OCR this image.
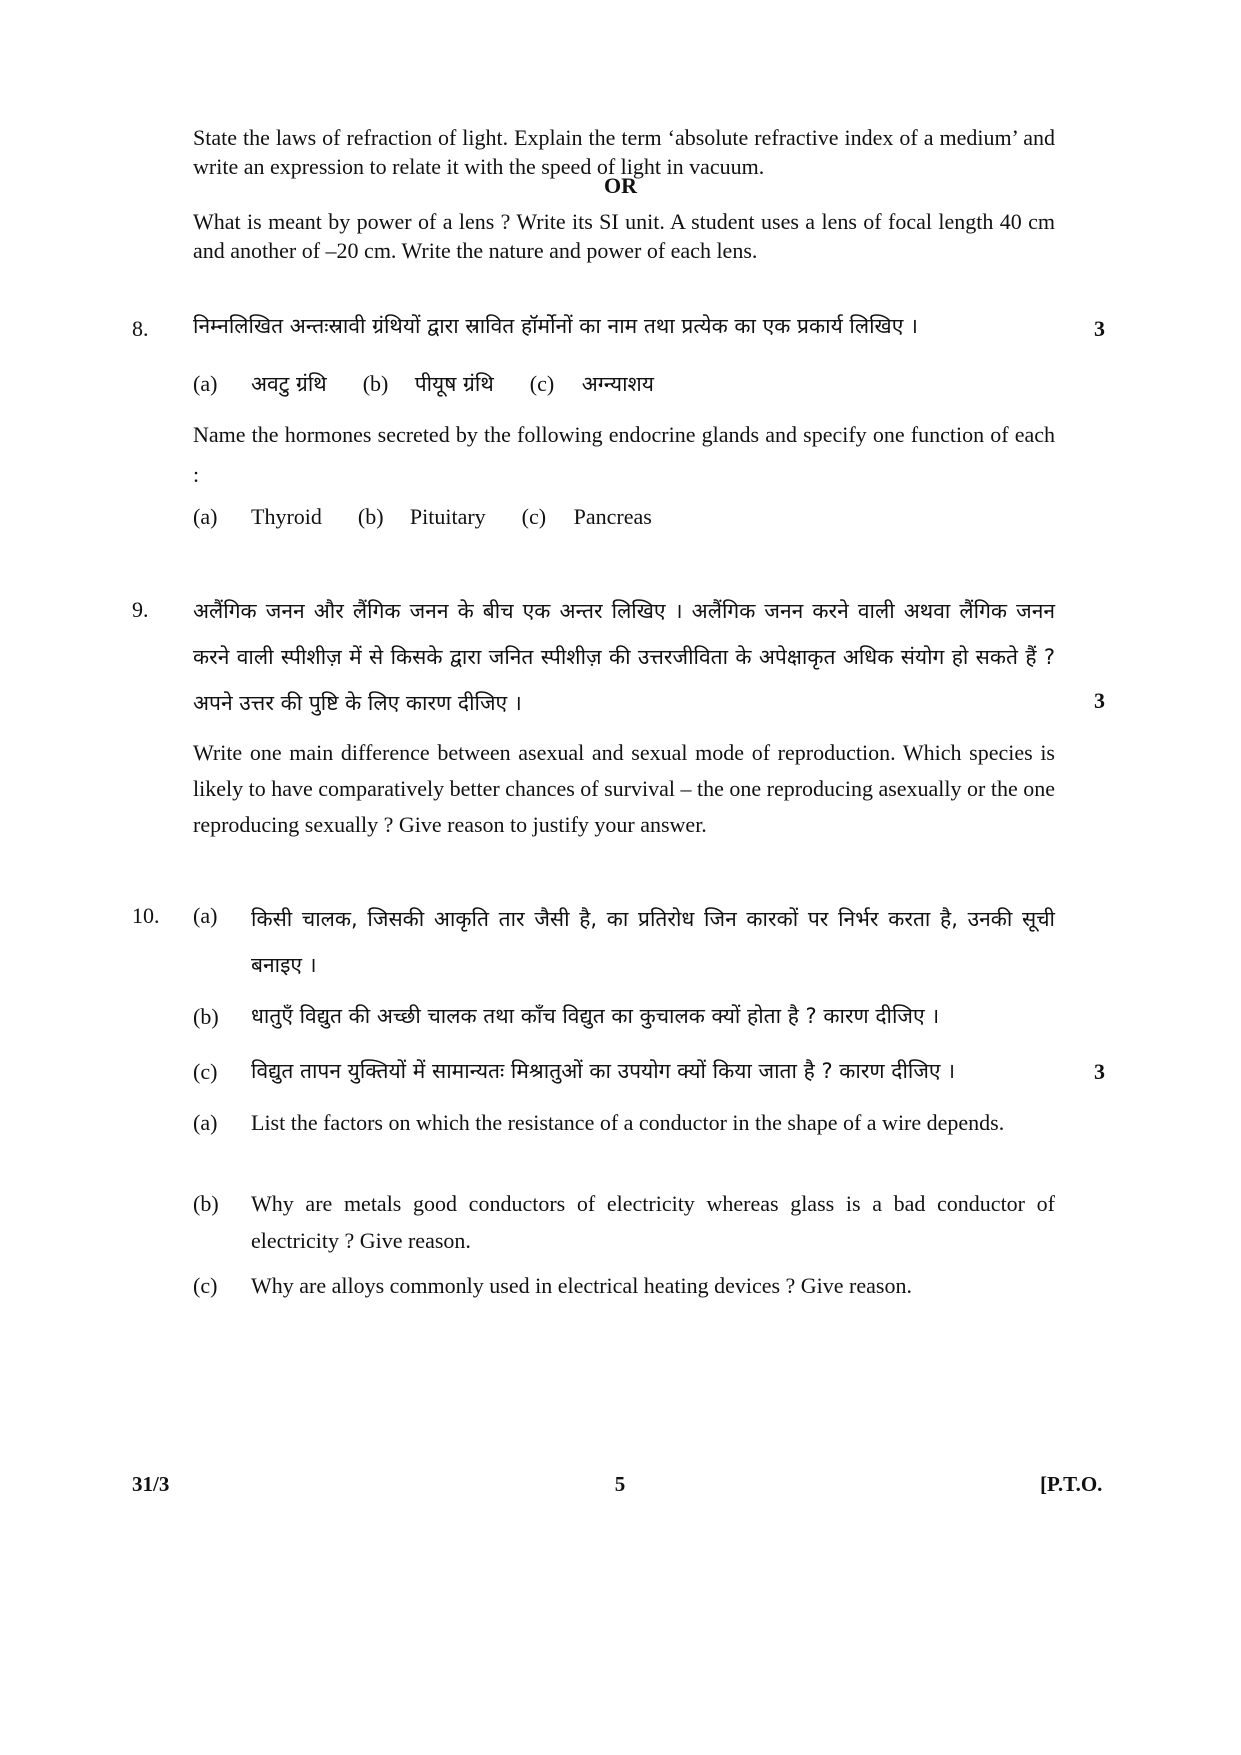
State the laws of refraction of light. Explain the term ‘absolute refractive index of a medium’ and write an expression to relate it with the speed of light in vacuum.
OR
What is meant by power of a lens ? Write its SI unit. A student uses a lens of focal length 40 cm and another of –20 cm. Write the nature and power of each lens.
8. निम्नलिखित अन्तःस्रावी ग्रंथियों द्वारा स्रावित हॉर्मोनों का नाम तथा प्रत्येक का एक प्रकार्य लिखिए ।	3
(a) अवटु ग्रंथि (b) पीयूष ग्रंथि (c) अग्न्याशय
Name the hormones secreted by the following endocrine glands and specify one function of each :
(a) Thyroid (b) Pituitary (c) Pancreas
9. अलैंगिक जनन और लैंगिक जनन के बीच एक अन्तर लिखिए । अलैंगिक जनन करने वाली अथवा लैंगिक जनन करने वाली स्पीशीज़ में से किसके द्वारा जनित स्पीशीज़ की उत्तरजीविता के अपेक्षाकृत अधिक संयोग हो सकते हैं ? अपने उत्तर की पुष्टि के लिए कारण दीजिए ।	3
Write one main difference between asexual and sexual mode of reproduction. Which species is likely to have comparatively better chances of survival – the one reproducing asexually or the one reproducing sexually ? Give reason to justify your answer.
10. (a) किसी चालक, जिसकी आकृति तार जैसी है, का प्रतिरोध जिन कारकों पर निर्भर करता है, उनकी सूची बनाइए ।
(b) धातुएँ विद्युत की अच्छी चालक तथा काँच विद्युत का कुचालक क्यों होता है ? कारण दीजिए ।
(c) विद्युत तापन युक्तियों में सामान्यतः मिश्रातुओं का उपयोग क्यों किया जाता है ? कारण दीजिए ।	3
(a) List the factors on which the resistance of a conductor in the shape of a wire depends.
(b) Why are metals good conductors of electricity whereas glass is a bad conductor of electricity ? Give reason.
(c) Why are alloys commonly used in electrical heating devices ? Give reason.
31/3	5	[P.T.O.
